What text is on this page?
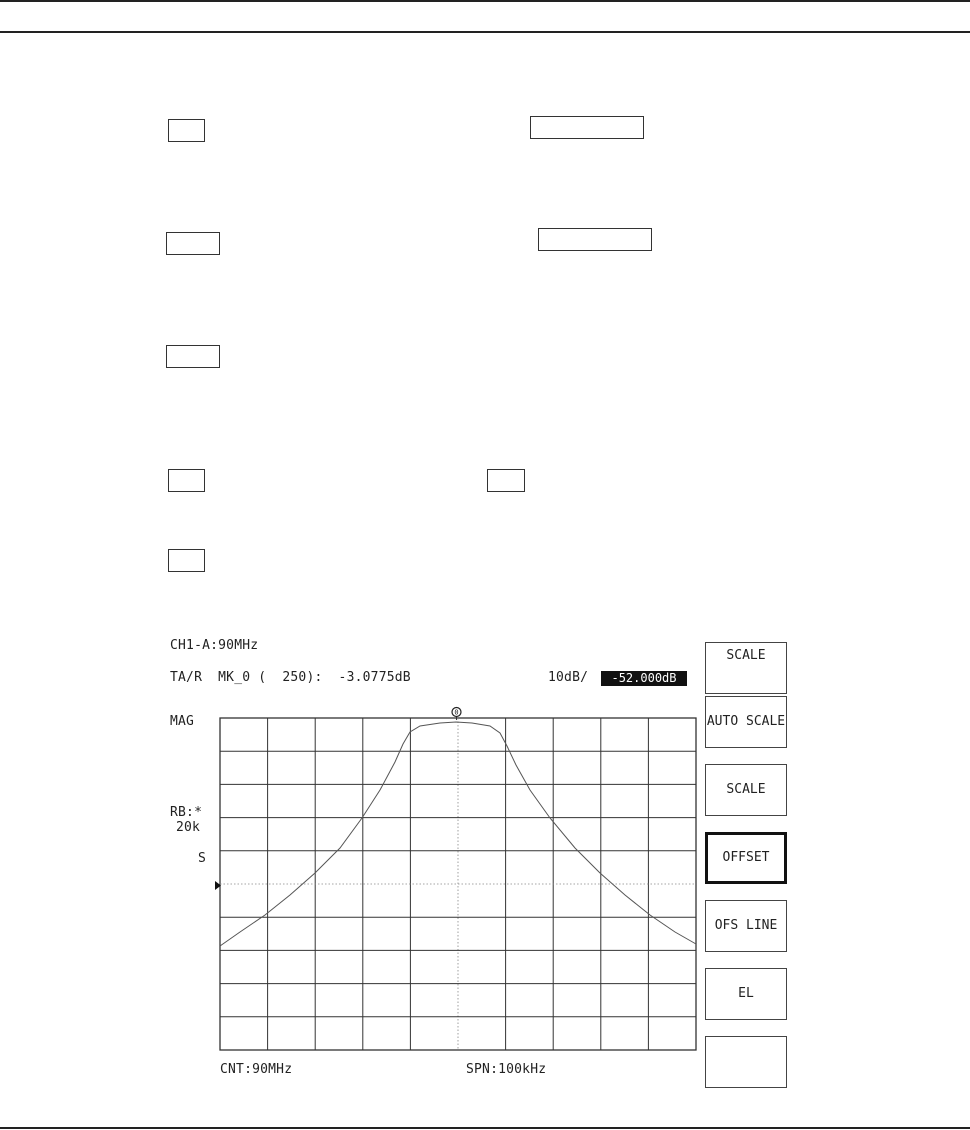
CH1-A:90MHz
TA/R  MK_0 (  250):  -3.0775dB	10dB/	-52.000dB
MAG
RB:*
20k
S
CNT:90MHz	SPN:100kHz
0
SCALE
AUTO SCALE
SCALE
OFFSET
OFS LINE
EL
